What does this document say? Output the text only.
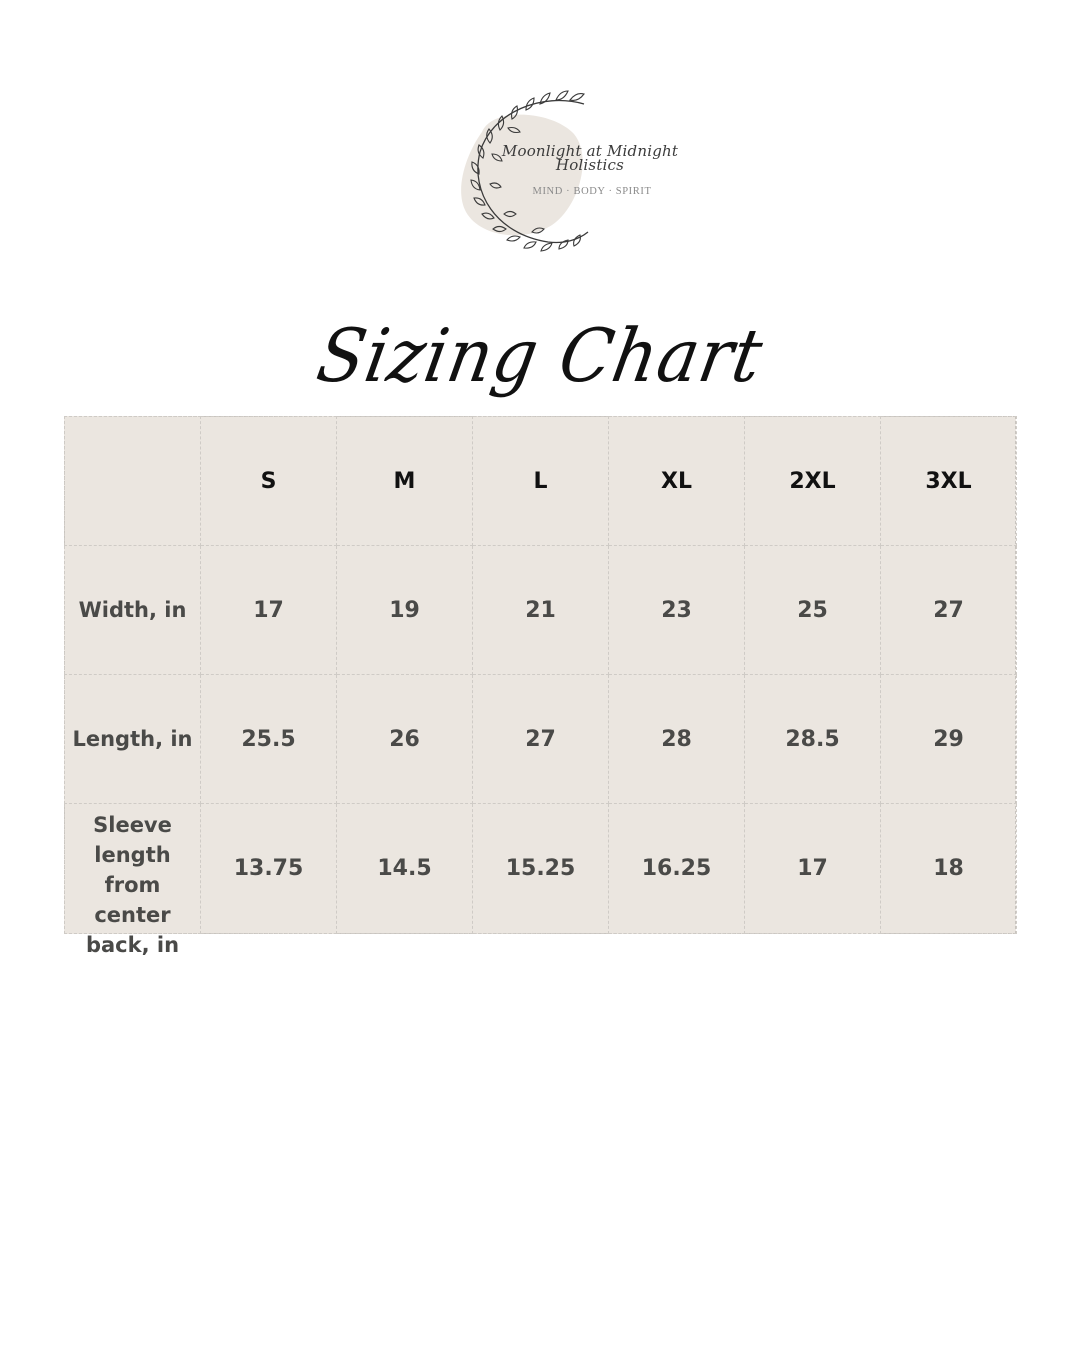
Moonlight at Midnight
Holistics
MIND · BODY · SPIRIT
Sizing Chart
	S	M	L	XL	2XL	3XL
Width, in	17	19	21	23	25	27
Length, in	25.5	26	27	28	28.5	29

Sleeve length from center back, in	13.75	14.5	15.25	16.25	17	18
